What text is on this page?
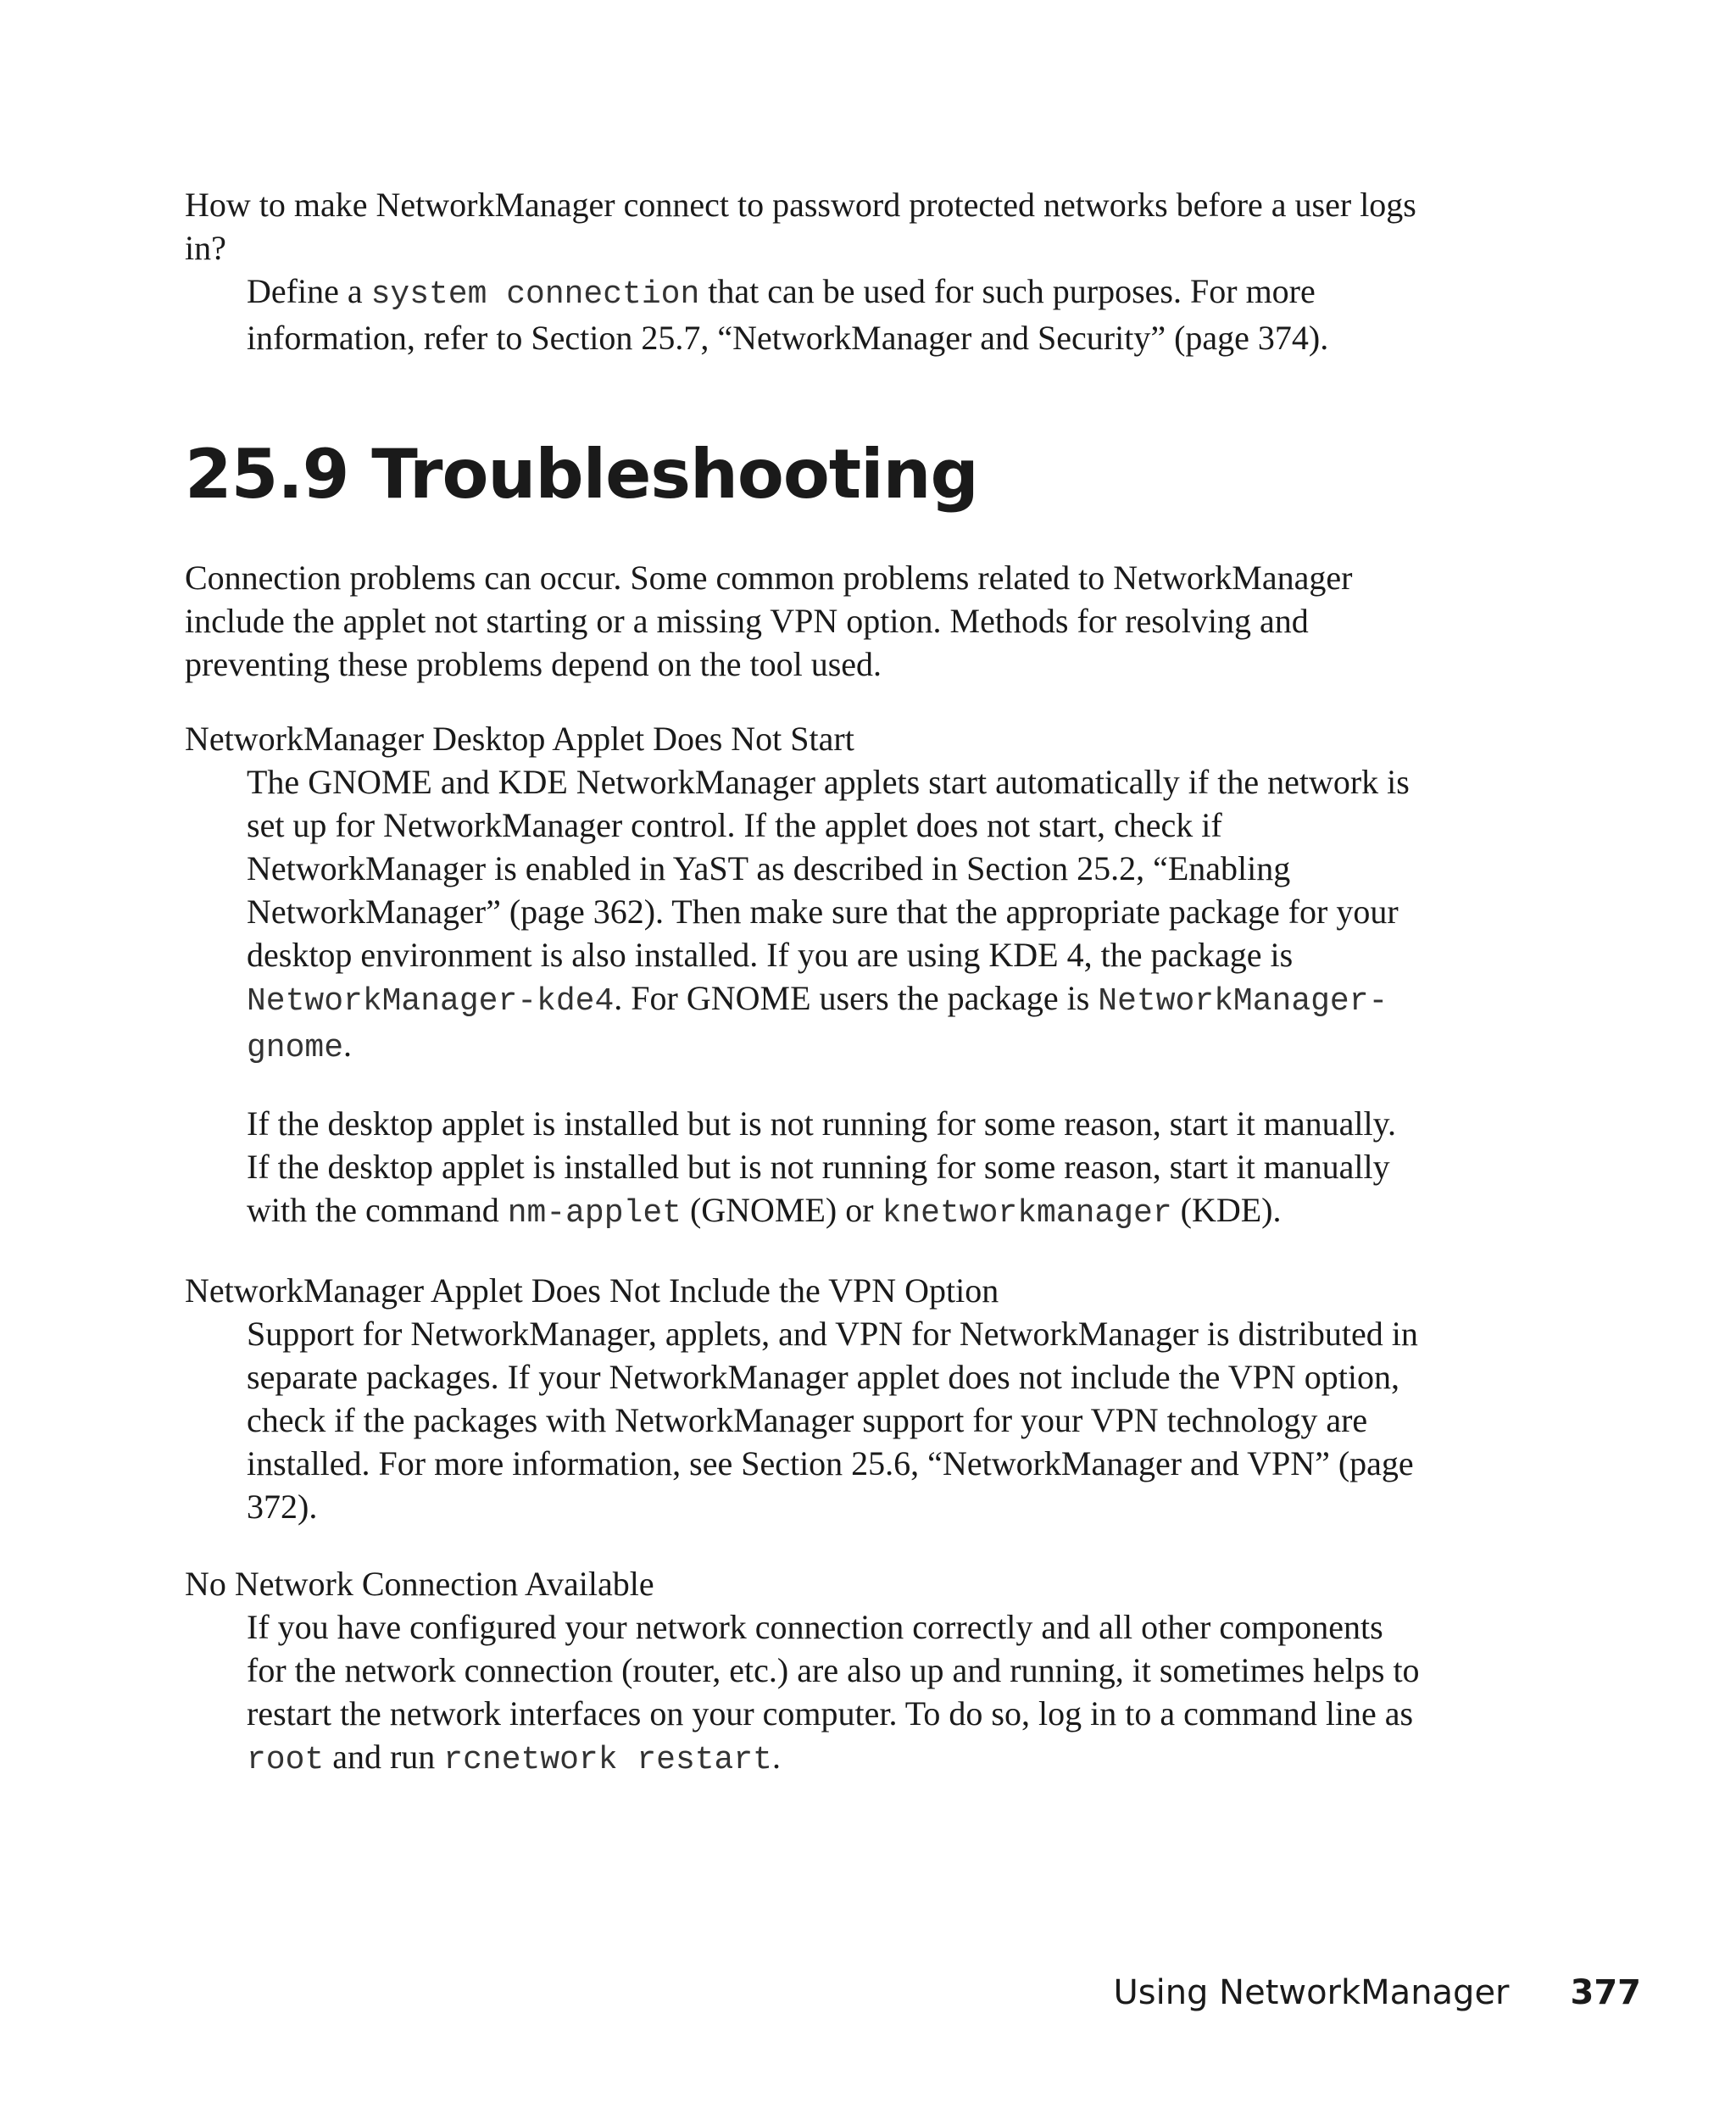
How to make NetworkManager connect to password protected networks before a user logs in?

Define a system connection that can be used for such purposes. For more information, refer to Section 25.7, “NetworkManager and Security” (page 374).

25.9 Troubleshooting

Connection problems can occur. Some common problems related to NetworkManager include the applet not starting or a missing VPN option. Methods for resolving and preventing these problems depend on the tool used.

NetworkManager Desktop Applet Does Not Start

The GNOME and KDE NetworkManager applets start automatically if the network is set up for NetworkManager control. If the applet does not start, check if NetworkManager is enabled in YaST as described in Section 25.2, “Enabling NetworkManager” (page 362). Then make sure that the appropriate package for your desktop environment is also installed. If you are using KDE 4, the package is NetworkManager-kde4. For GNOME users the package is NetworkManager-gnome.

If the desktop applet is installed but is not running for some reason, start it manually. If the desktop applet is installed but is not running for some reason, start it manually with the command nm-applet (GNOME) or knetworkmanager (KDE).

NetworkManager Applet Does Not Include the VPN Option

Support for NetworkManager, applets, and VPN for NetworkManager is distributed in separate packages. If your NetworkManager applet does not include the VPN option, check if the packages with NetworkManager support for your VPN technology are installed. For more information, see Section 25.6, “NetworkManager and VPN” (page 372).

No Network Connection Available

If you have configured your network connection correctly and all other components for the network connection (router, etc.) are also up and running, it sometimes helps to restart the network interfaces on your computer. To do so, log in to a command line as root and run rcnetwork restart.

Using NetworkManager 377
